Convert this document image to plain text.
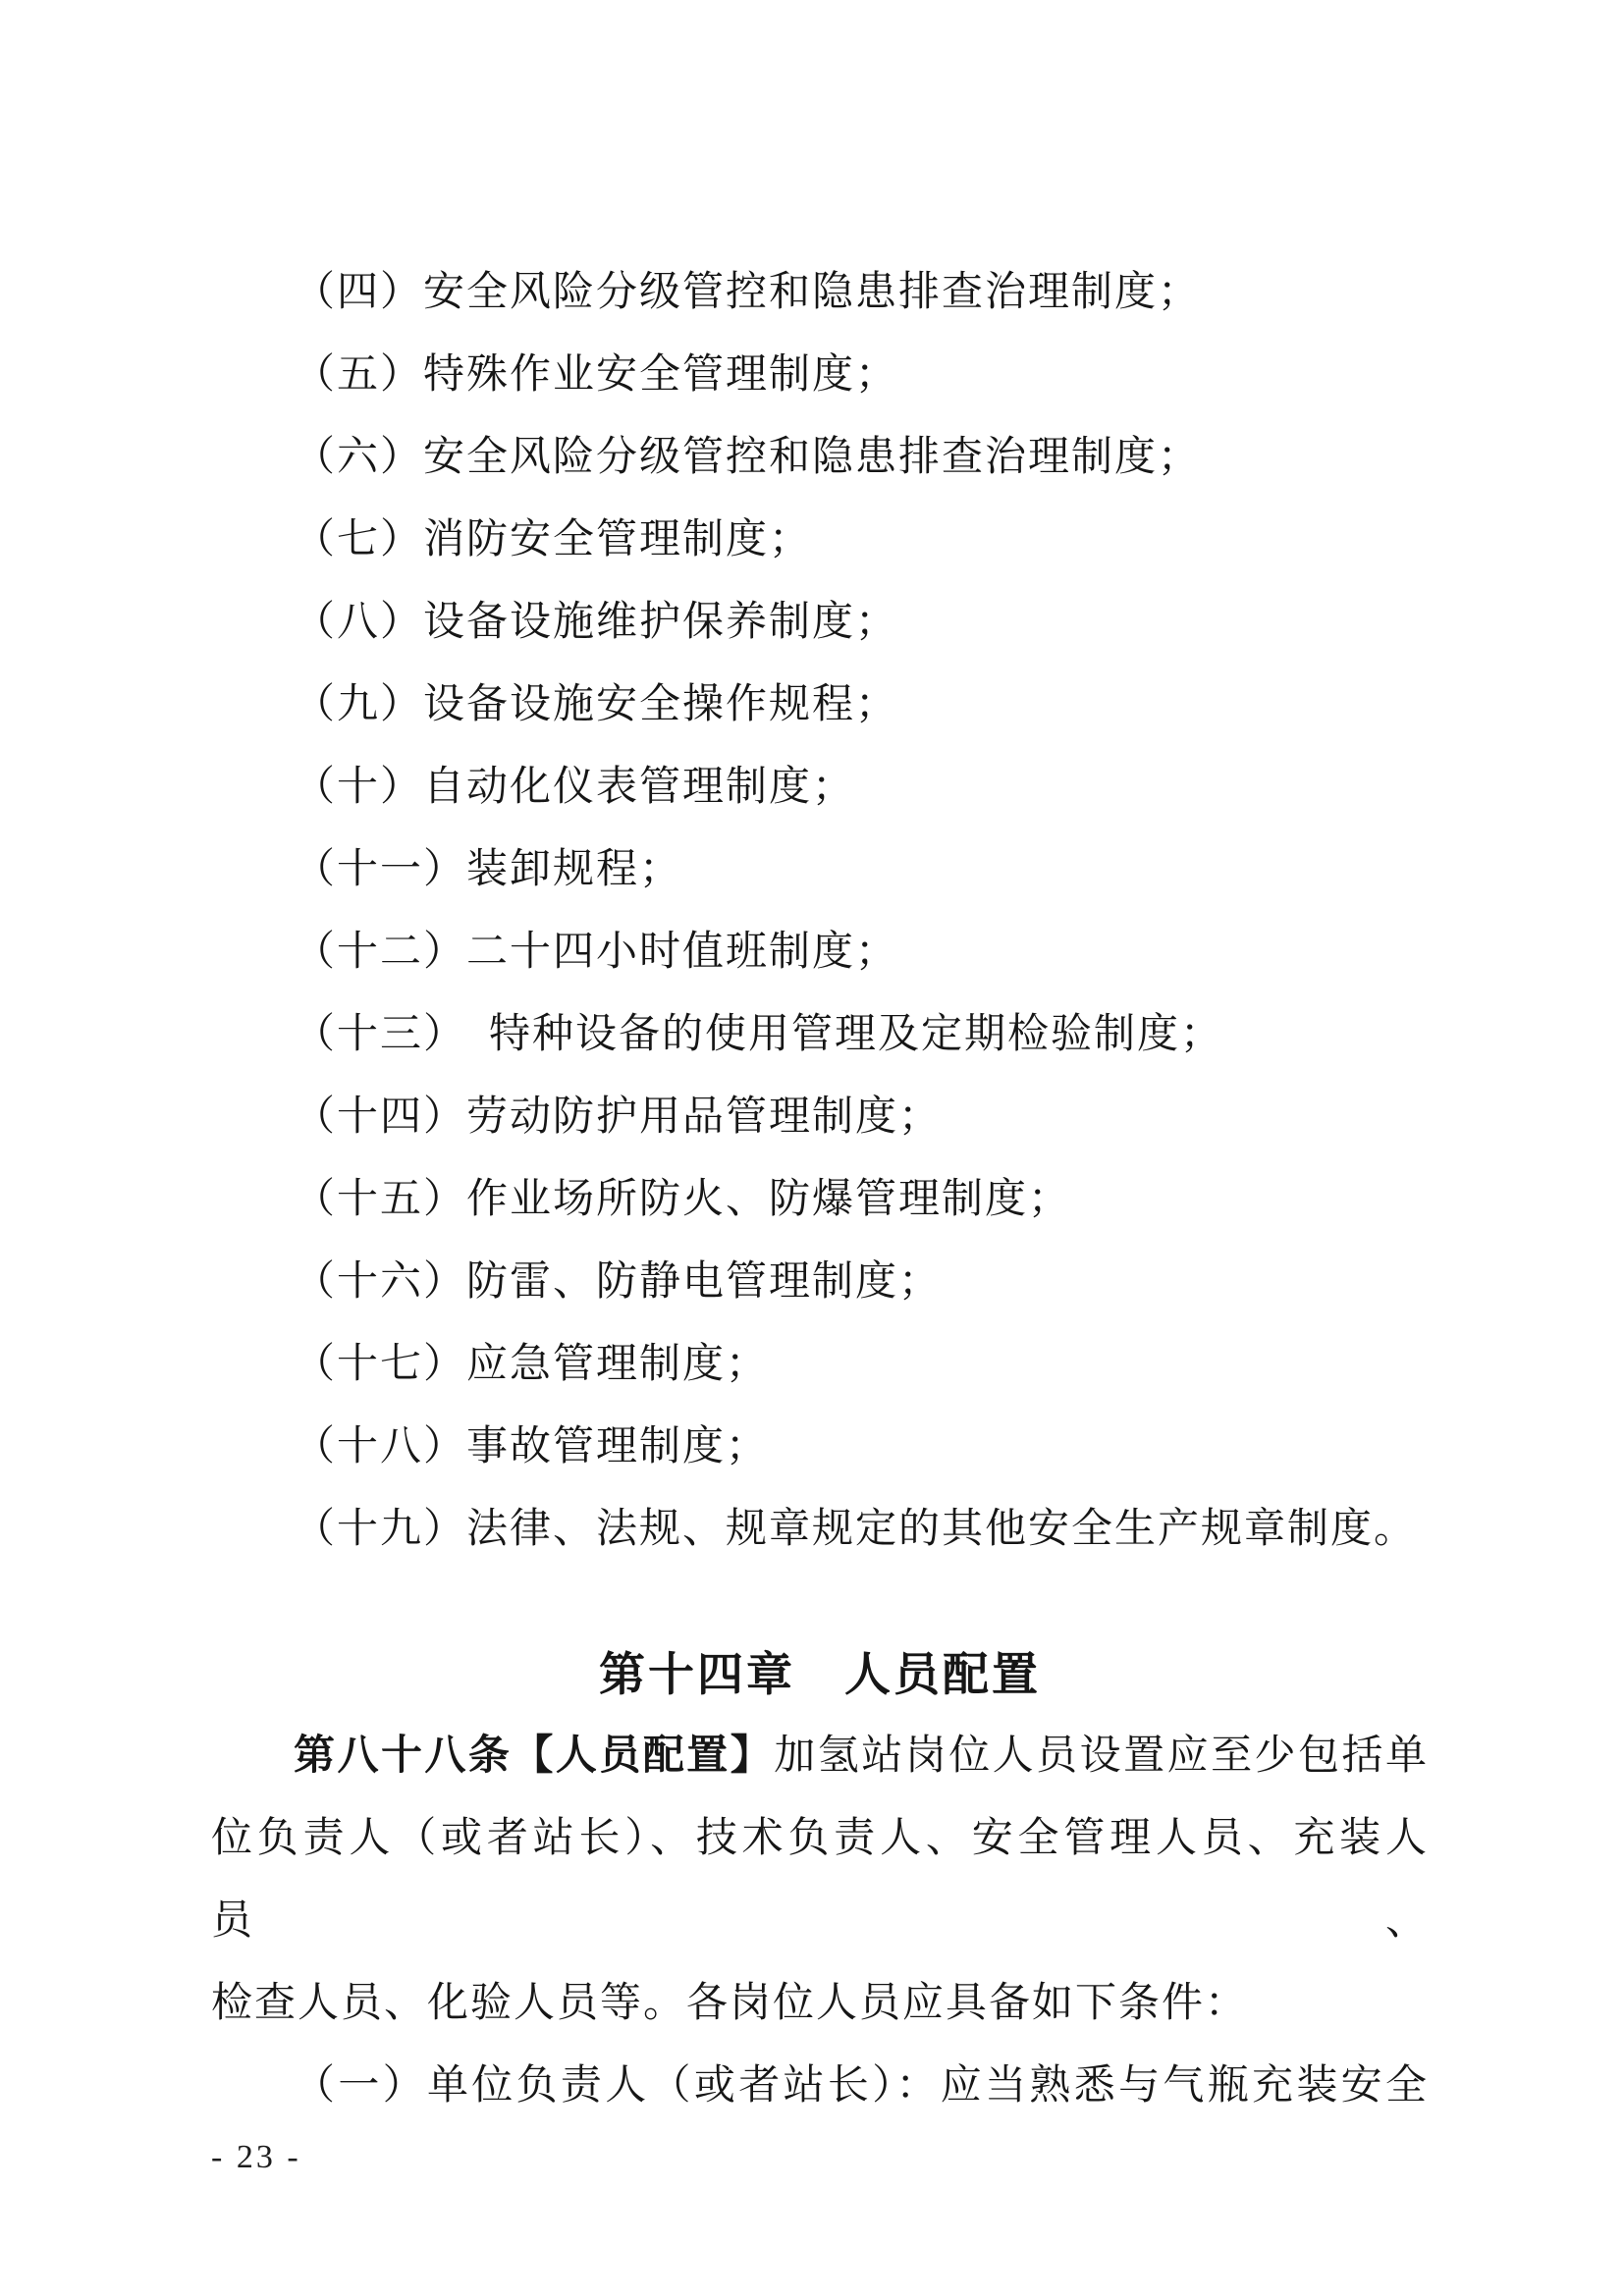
（四）安全风险分级管控和隐患排查治理制度；
（五）特殊作业安全管理制度；
（六）安全风险分级管控和隐患排查治理制度；
（七）消防安全管理制度；
（八）设备设施维护保养制度；
（九）设备设施安全操作规程；
（十）自动化仪表管理制度；
（十一）装卸规程；
（十二）二十四小时值班制度；
（十三）　特种设备的使用管理及定期检验制度；
（十四）劳动防护用品管理制度；
（十五）作业场所防火、防爆管理制度；
（十六）防雷、防静电管理制度；
（十七）应急管理制度；
（十八）事故管理制度；
（十九）法律、法规、规章规定的其他安全生产规章制度。
第十四章　人员配置
第八十八条【人员配置】加氢站岗位人员设置应至少包括单
位负责人（或者站长）、技术负责人、安全管理人员、充装人员、
检查人员、化验人员等。各岗位人员应具备如下条件：
（一）单位负责人（或者站长）：应当熟悉与气瓶充装安全
- 23 -
